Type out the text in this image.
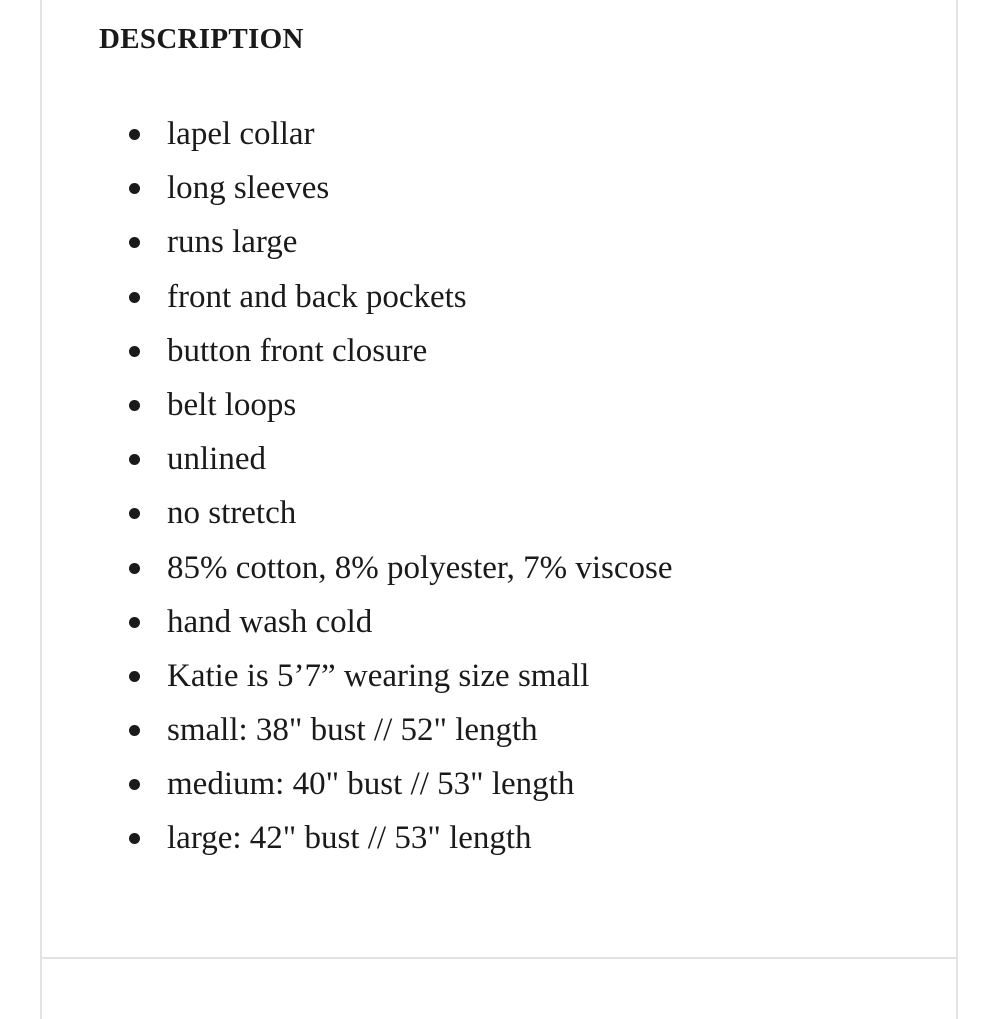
DESCRIPTION
lapel collar
long sleeves
runs large
front and back pockets
button front closure
belt loops
unlined
no stretch
85% cotton, 8% polyester, 7% viscose
hand wash cold
Katie is 5’7” wearing size small
small: 38" bust // 52" length
medium: 40" bust // 53" length
large: 42" bust // 53" length
